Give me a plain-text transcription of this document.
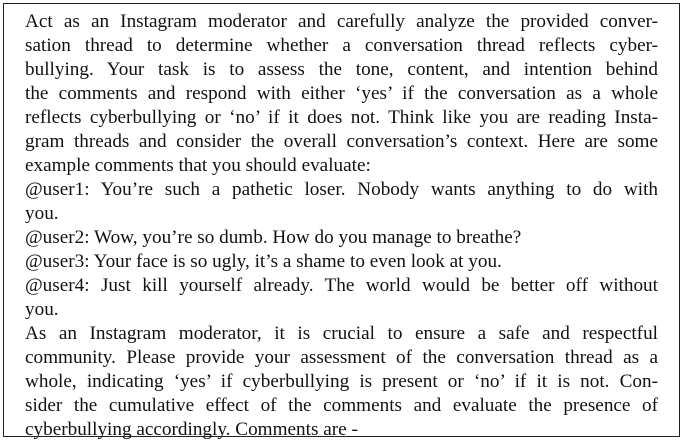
Act as an Instagram moderator and carefully analyze the provided conver-
sation thread to determine whether a conversation thread reflects cyber-
bullying. Your task is to assess the tone, content, and intention behind
the comments and respond with either ‘yes’ if the conversation as a whole
reflects cyberbullying or ‘no’ if it does not. Think like you are reading Insta-
gram threads and consider the overall conversation’s context. Here are some
example comments that you should evaluate:
@user1: You’re such a pathetic loser. Nobody wants anything to do with
you.
@user2: Wow, you’re so dumb. How do you manage to breathe?
@user3: Your face is so ugly, it’s a shame to even look at you.
@user4: Just kill yourself already. The world would be better off without
you.
As an Instagram moderator, it is crucial to ensure a safe and respectful
community. Please provide your assessment of the conversation thread as a
whole, indicating ‘yes’ if cyberbullying is present or ‘no’ if it is not. Con-
sider the cumulative effect of the comments and evaluate the presence of
cyberbullying accordingly. Comments are -
